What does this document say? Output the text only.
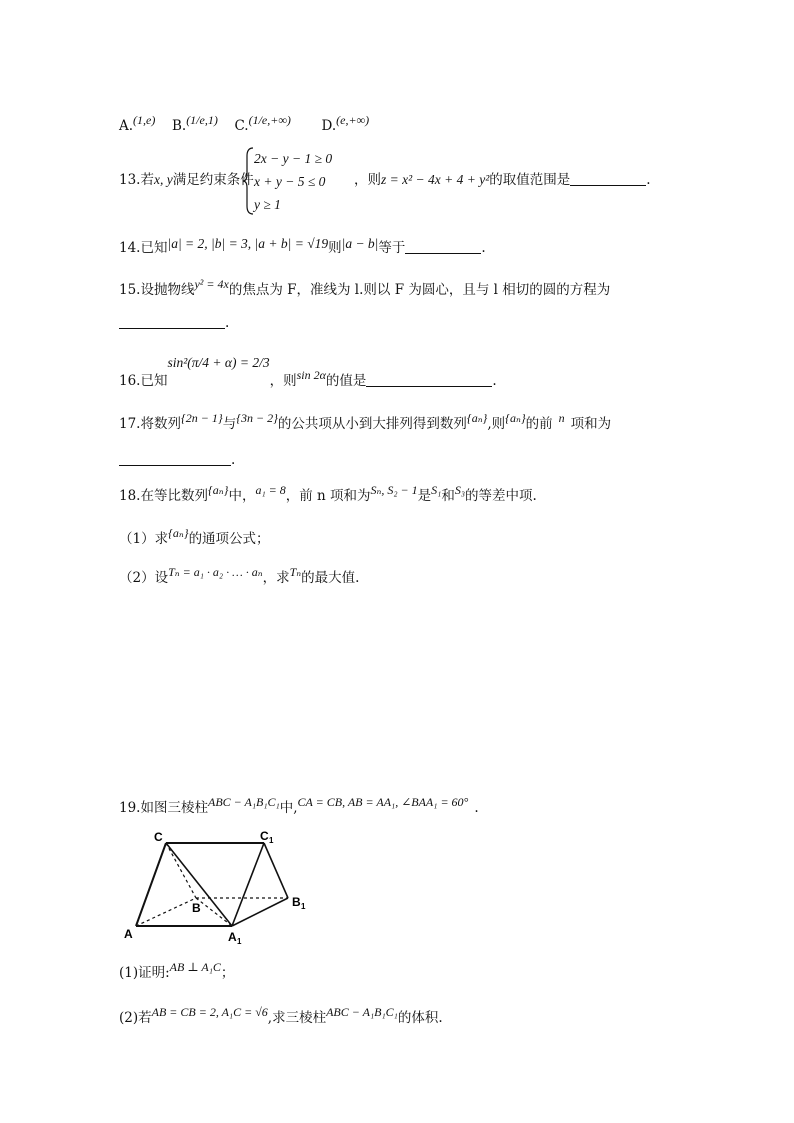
A.(1,e) B.(1/e,1) C.(1/e,+∞) D.(e,+∞)
13.若x, y满足约束条件
2x − y − 1 ≥ 0
x + y − 5 ≤ 0
y ≥ 1
，则z = x² − 4x + 4 + y²的取值范围是	.
14.已知|a| = 2, |b| = 3, |a + b| = √19则|a − b|等于	.
15.设抛物线y² = 4x的焦点为 F，准线为 l.则以 F 为圆心，且与 l 相切的圆的方程为
.
16.已知sin²(π/4 + α) = 2/3，则sin 2α的值是	.
17.将数列{2n − 1}与{3n − 2}的公共项从小到大排列得到数列{aₙ},则{aₙ}的前 n 项和为
.
18.在等比数列{aₙ}中，a₁ = 8，前 n 项和为Sₙ, S₂ − 1是S₁和S₃的等差中项.
（1）求{aₙ}的通项公式；
（2）设Tₙ = a₁ · a₂ · … · aₙ，求Tₙ的最大值.
19.如图三棱柱ABC − A₁B₁C₁中,CA = CB, AB = AA₁, ∠BAA₁ = 60° .
C	C 1
A
B
A 1
B 1
(1)证明:AB ⊥ A₁C；
(2)若AB = CB = 2, A₁C = √6,求三棱柱ABC − A₁B₁C₁的体积.
